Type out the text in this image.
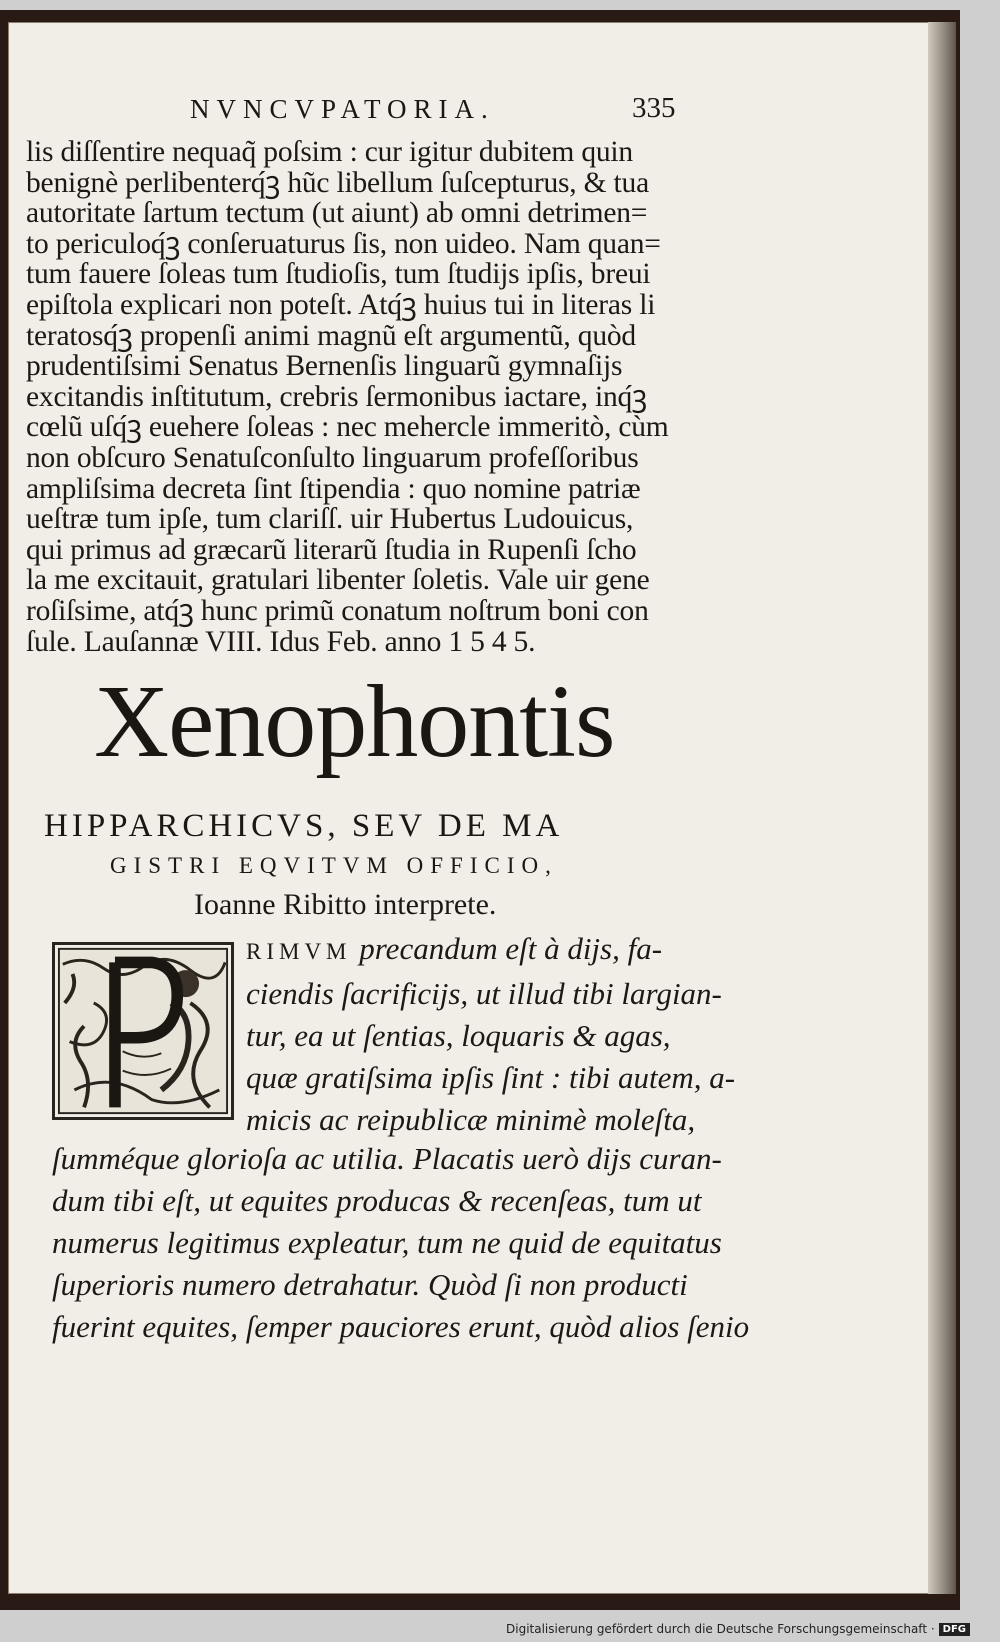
NVNCVPATORIA.	335
lis diſſentire nequaq̃ poſsim : cur igitur dubitem quin
benignè perlibenterq́ꝫ hũc libellum ſuſcepturus, & tua
autoritate ſartum tectum (ut aiunt) ab omni detrimen=
to periculoq́ꝫ conſeruaturus ſis, non uideo. Nam quan=
tum fauere ſoleas tum ſtudioſis, tum ſtudijs ipſis, breui
epiſtola explicari non poteſt. Atq́ꝫ huius tui in literas li
teratosq́ꝫ propenſi animi magnũ eſt argumentũ, quòd
prudentiſsimi Senatus Bernenſis linguarũ gymnaſijs
excitandis inſtitutum, crebris ſermonibus iactare, inq́ꝫ
cœlũ uſq́ꝫ euehere ſoleas : nec mehercle immeritò, cùm
non obſcuro Senatuſconſulto linguarum profeſſoribus
ampliſsima decreta ſint ſtipendia : quo nomine patriæ
ueſtræ tum ipſe, tum clariſſ. uir Hubertus Ludouicus,
qui primus ad græcarũ literarũ ſtudia in Rupenſi ſcho
la me excitauit, gratulari libenter ſoletis. Vale uir gene
roſiſsime, atq́ꝫ hunc primũ conatum noſtrum boni con
ſule. Lauſannæ VIII. Idus Feb. anno 1 5 4 5.
Xenophontis
HIPPARCHICVS, SEV DE MA
GISTRI EQVITVM OFFICIO,
Ioanne Ribitto interprete.
RIMVM precandum eſt à dijs, fa-
ciendis ſacrificijs, ut illud tibi largian-
tur, ea ut ſentias, loquaris & agas,
quæ gratiſsima ipſis ſint : tibi autem, a-
micis ac reipublicæ minimè moleſta,
ſumméque glorioſa ac utilia. Placatis uerò dijs curan-
dum tibi eſt, ut equites producas & recenſeas, tum ut
numerus legitimus expleatur, tum ne quid de equitatus
ſuperioris numero detrahatur. Quòd ſi non producti
fuerint equites, ſemper pauciores erunt, quòd alios ſenio
Digitalisierung gefördert durch die Deutsche Forschungsgemeinschaft · DFG
